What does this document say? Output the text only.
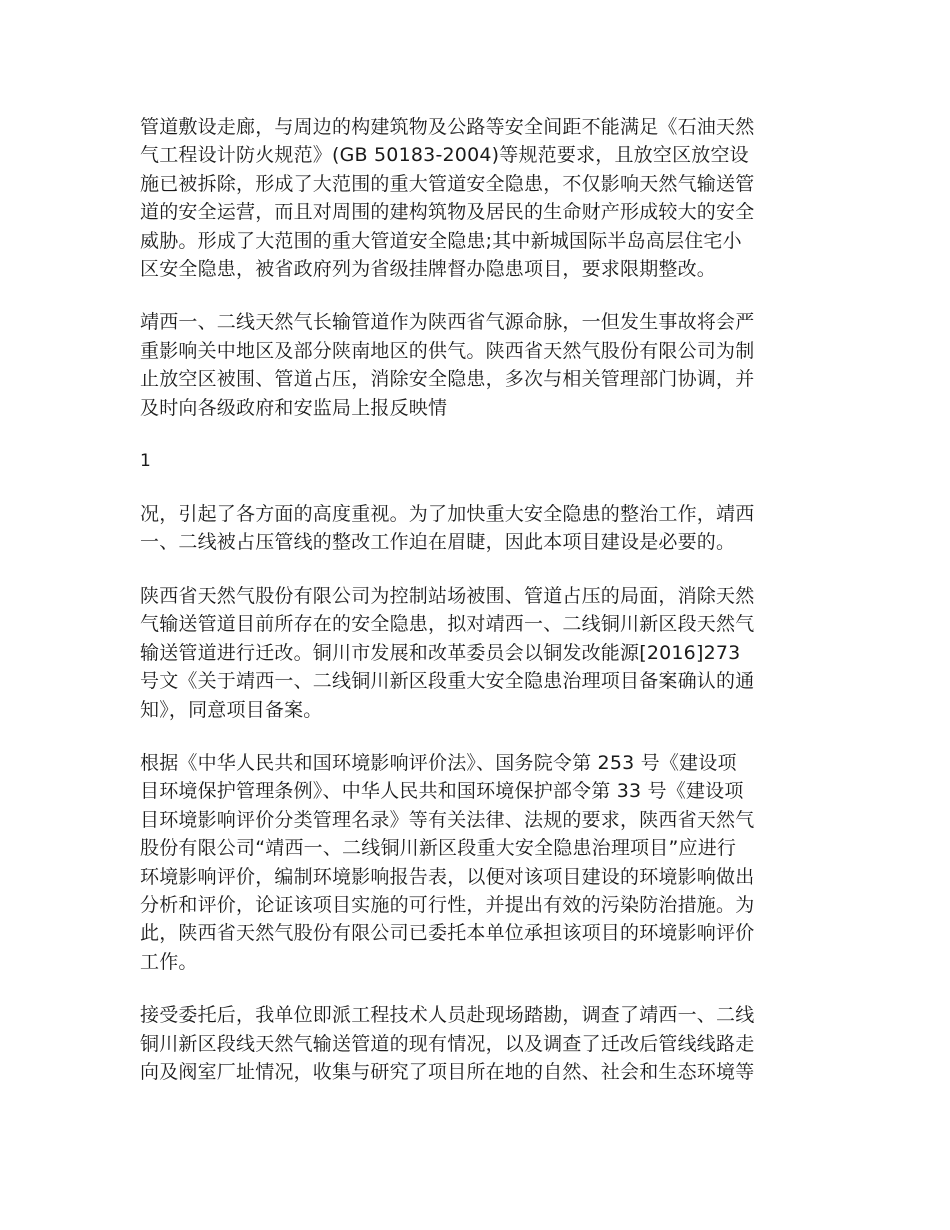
管道敷设走廊，与周边的构建筑物及公路等安全间距不能满足《石油天然
气工程设计防火规范》(GB 50183-2004)等规范要求，且放空区放空设
施已被拆除，形成了大范围的重大管道安全隐患，不仅影响天然气输送管
道的安全运营，而且对周围的建构筑物及居民的生命财产形成较大的安全
威胁。形成了大范围的重大管道安全隐患;其中新城国际半岛高层住宅小
区安全隐患，被省政府列为省级挂牌督办隐患项目，要求限期整改。

靖西一、二线天然气长输管道作为陕西省气源命脉，一但发生事故将会严
重影响关中地区及部分陕南地区的供气。陕西省天然气股份有限公司为制
止放空区被围、管道占压，消除安全隐患，多次与相关管理部门协调，并
及时向各级政府和安监局上报反映情

1

况，引起了各方面的高度重视。为了加快重大安全隐患的整治工作，靖西
一、二线被占压管线的整改工作迫在眉睫，因此本项目建设是必要的。

陕西省天然气股份有限公司为控制站场被围、管道占压的局面，消除天然
气输送管道目前所存在的安全隐患，拟对靖西一、二线铜川新区段天然气
输送管道进行迁改。铜川市发展和改革委员会以铜发改能源[2016]273
号文《关于靖西一、二线铜川新区段重大安全隐患治理项目备案确认的通
知》，同意项目备案。

根据《中华人民共和国环境影响评价法》、国务院令第 253 号《建设项
目环境保护管理条例》、中华人民共和国环境保护部令第 33 号《建设项
目环境影响评价分类管理名录》等有关法律、法规的要求，陕西省天然气
股份有限公司“靖西一、二线铜川新区段重大安全隐患治理项目”应进行
环境影响评价，编制环境影响报告表，以便对该项目建设的环境影响做出
分析和评价，论证该项目实施的可行性，并提出有效的污染防治措施。为
此，陕西省天然气股份有限公司已委托本单位承担该项目的环境影响评价
工作。

接受委托后，我单位即派工程技术人员赴现场踏勘，调查了靖西一、二线
铜川新区段线天然气输送管道的现有情况，以及调查了迁改后管线线路走
向及阀室厂址情况，收集与研究了项目所在地的自然、社会和生态环境等
